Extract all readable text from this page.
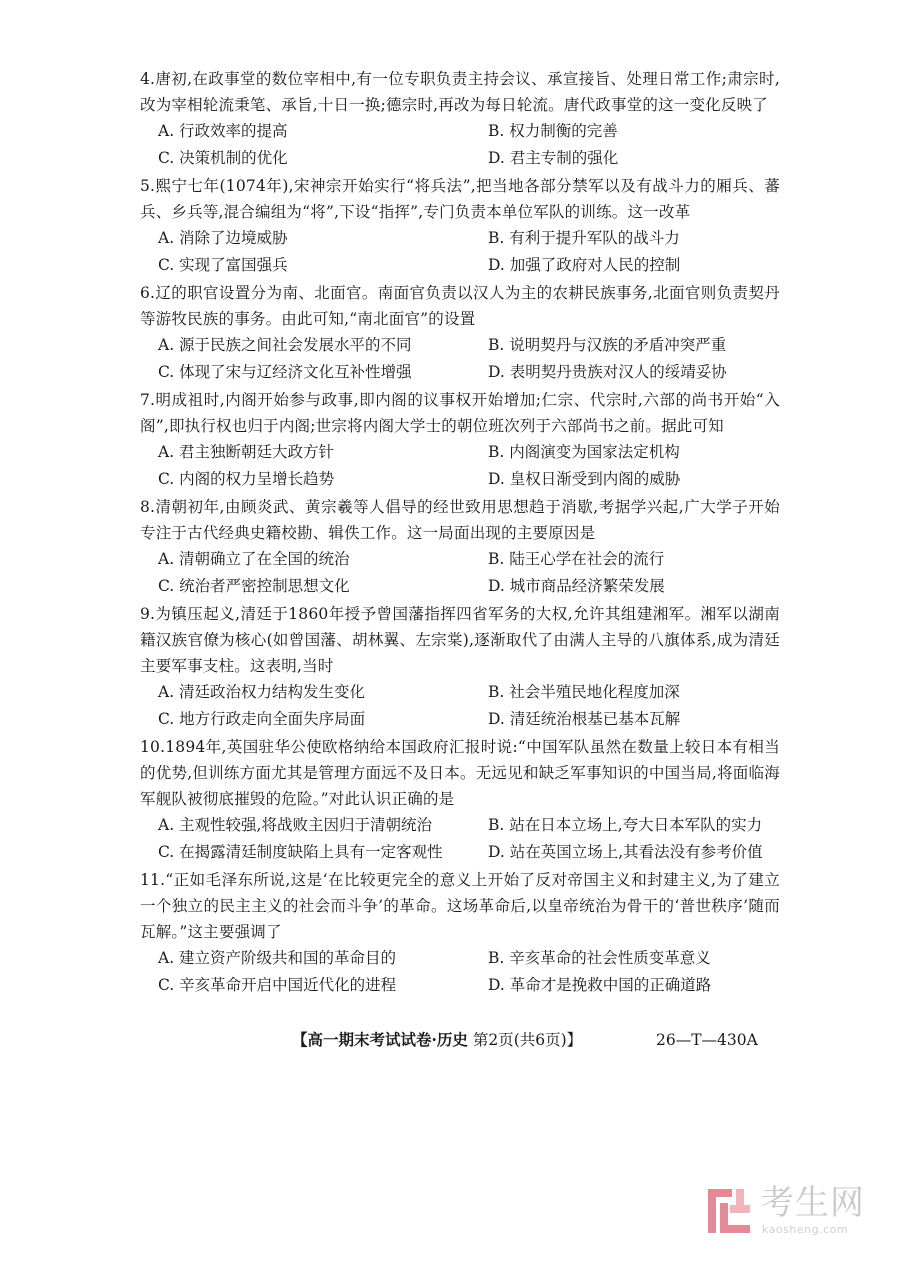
4.唐初,在政事堂的数位宰相中,有一位专职负责主持会议、承宣接旨、处理日常工作;肃宗时,改为宰相轮流秉笔、承旨,十日一换;德宗时,再改为每日轮流。唐代政事堂的这一变化反映了
A. 行政效率的提高	B. 权力制衡的完善
C. 决策机制的优化	D. 君主专制的强化
5.熙宁七年(1074年),宋神宗开始实行“将兵法”,把当地各部分禁军以及有战斗力的厢兵、蕃兵、乡兵等,混合编组为“将”,下设“指挥”,专门负责本单位军队的训练。这一改革
A. 消除了边境威胁	B. 有利于提升军队的战斗力
C. 实现了富国强兵	D. 加强了政府对人民的控制
6.辽的职官设置分为南、北面官。南面官负责以汉人为主的农耕民族事务,北面官则负责契丹等游牧民族的事务。由此可知,“南北面官”的设置
A. 源于民族之间社会发展水平的不同	B. 说明契丹与汉族的矛盾冲突严重
C. 体现了宋与辽经济文化互补性增强	D. 表明契丹贵族对汉人的绥靖妥协
7.明成祖时,内阁开始参与政事,即内阁的议事权开始增加;仁宗、代宗时,六部的尚书开始“入阁”,即执行权也归于内阁;世宗将内阁大学士的朝位班次列于六部尚书之前。据此可知
A. 君主独断朝廷大政方针	B. 内阁演变为国家法定机构
C. 内阁的权力呈增长趋势	D. 皇权日渐受到内阁的威胁
8.清朝初年,由顾炎武、黄宗羲等人倡导的经世致用思想趋于消歇,考据学兴起,广大学子开始专注于古代经典史籍校勘、辑佚工作。这一局面出现的主要原因是
A. 清朝确立了在全国的统治	B. 陆王心学在社会的流行
C. 统治者严密控制思想文化	D. 城市商品经济繁荣发展
9.为镇压起义,清廷于1860年授予曾国藩指挥四省军务的大权,允许其组建湘军。湘军以湖南籍汉族官僚为核心(如曾国藩、胡林翼、左宗棠),逐渐取代了由满人主导的八旗体系,成为清廷主要军事支柱。这表明,当时
A. 清廷政治权力结构发生变化	B. 社会半殖民地化程度加深
C. 地方行政走向全面失序局面	D. 清廷统治根基已基本瓦解
10.1894年,英国驻华公使欧格纳给本国政府汇报时说:“中国军队虽然在数量上较日本有相当的优势,但训练方面尤其是管理方面远不及日本。无远见和缺乏军事知识的中国当局,将面临海军舰队被彻底摧毁的危险。”对此认识正确的是
A. 主观性较强,将战败主因归于清朝统治	B. 站在日本立场上,夸大日本军队的实力
C. 在揭露清廷制度缺陷上具有一定客观性	D. 站在英国立场上,其看法没有参考价值
11.“正如毛泽东所说,这是‘在比较更完全的意义上开始了反对帝国主义和封建主义,为了建立一个独立的民主主义的社会而斗争’的革命。这场革命后,以皇帝统治为骨干的‘普世秩序’随而瓦解。”这主要强调了
A. 建立资产阶级共和国的革命目的	B. 辛亥革命的社会性质变革意义
C. 辛亥革命开启中国近代化的进程	D. 革命才是挽救中国的正确道路
【高一期末考试试卷·历史 第2页(共6页)】	26—T—430A
考生网
kaosheng.com
